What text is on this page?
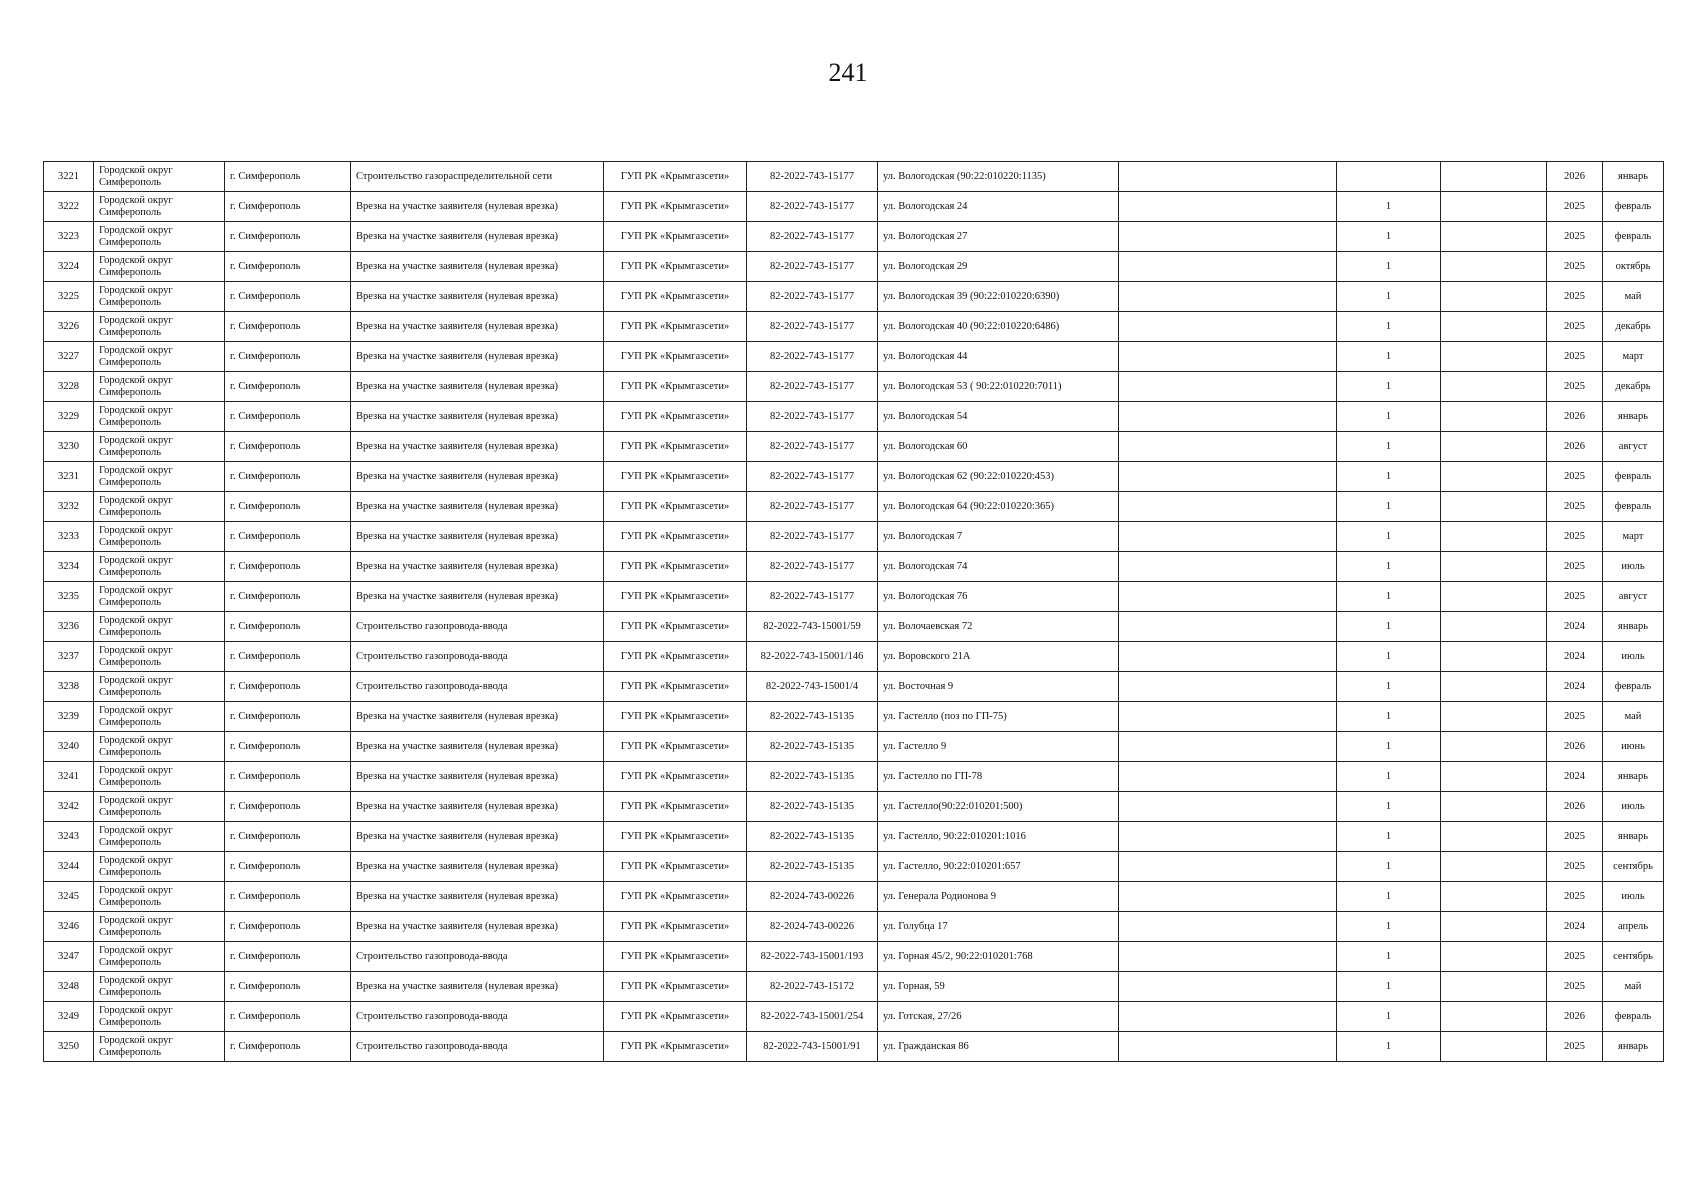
241
3221	Городской округ Симферополь	г. Симферополь	Строительство газораспределительной сети	ГУП РК «Крымгазсети»	82-2022-743-15177	ул. Вологодская (90:22:010220:1135)				2026	январь
3222	Городской округ Симферополь	г. Симферополь	Врезка на участке заявителя (нулевая врезка)	ГУП РК «Крымгазсети»	82-2022-743-15177	ул. Вологодская 24		1		2025	февраль
3223	Городской округ Симферополь	г. Симферополь	Врезка на участке заявителя (нулевая врезка)	ГУП РК «Крымгазсети»	82-2022-743-15177	ул. Вологодская 27		1		2025	февраль
3224	Городской округ Симферополь	г. Симферополь	Врезка на участке заявителя (нулевая врезка)	ГУП РК «Крымгазсети»	82-2022-743-15177	ул. Вологодская 29		1		2025	октябрь
3225	Городской округ Симферополь	г. Симферополь	Врезка на участке заявителя (нулевая врезка)	ГУП РК «Крымгазсети»	82-2022-743-15177	ул. Вологодская 39 (90:22:010220:6390)		1		2025	май
3226	Городской округ Симферополь	г. Симферополь	Врезка на участке заявителя (нулевая врезка)	ГУП РК «Крымгазсети»	82-2022-743-15177	ул. Вологодская 40 (90:22:010220:6486)		1		2025	декабрь
3227	Городской округ Симферополь	г. Симферополь	Врезка на участке заявителя (нулевая врезка)	ГУП РК «Крымгазсети»	82-2022-743-15177	ул. Вологодская 44		1		2025	март
3228	Городской округ Симферополь	г. Симферополь	Врезка на участке заявителя (нулевая врезка)	ГУП РК «Крымгазсети»	82-2022-743-15177	ул. Вологодская 53 ( 90:22:010220:7011)		1		2025	декабрь
3229	Городской округ Симферополь	г. Симферополь	Врезка на участке заявителя (нулевая врезка)	ГУП РК «Крымгазсети»	82-2022-743-15177	ул. Вологодская 54		1		2026	январь
3230	Городской округ Симферополь	г. Симферополь	Врезка на участке заявителя (нулевая врезка)	ГУП РК «Крымгазсети»	82-2022-743-15177	ул. Вологодская 60		1		2026	август
3231	Городской округ Симферополь	г. Симферополь	Врезка на участке заявителя (нулевая врезка)	ГУП РК «Крымгазсети»	82-2022-743-15177	ул. Вологодская 62 (90:22:010220:453)		1		2025	февраль
3232	Городской округ Симферополь	г. Симферополь	Врезка на участке заявителя (нулевая врезка)	ГУП РК «Крымгазсети»	82-2022-743-15177	ул. Вологодская 64 (90:22:010220:365)		1		2025	февраль
3233	Городской округ Симферополь	г. Симферополь	Врезка на участке заявителя (нулевая врезка)	ГУП РК «Крымгазсети»	82-2022-743-15177	ул. Вологодская 7		1		2025	март
3234	Городской округ Симферополь	г. Симферополь	Врезка на участке заявителя (нулевая врезка)	ГУП РК «Крымгазсети»	82-2022-743-15177	ул. Вологодская 74		1		2025	июль
3235	Городской округ Симферополь	г. Симферополь	Врезка на участке заявителя (нулевая врезка)	ГУП РК «Крымгазсети»	82-2022-743-15177	ул. Вологодская 76		1		2025	август
3236	Городской округ Симферополь	г. Симферополь	Строительство газопровода-ввода	ГУП РК «Крымгазсети»	82-2022-743-15001/59	ул. Волочаевская 72		1		2024	январь
3237	Городской округ Симферополь	г. Симферополь	Строительство газопровода-ввода	ГУП РК «Крымгазсети»	82-2022-743-15001/146	ул. Воровского 21А		1		2024	июль
3238	Городской округ Симферополь	г. Симферополь	Строительство газопровода-ввода	ГУП РК «Крымгазсети»	82-2022-743-15001/4	ул. Восточная 9		1		2024	февраль
3239	Городской округ Симферополь	г. Симферополь	Врезка на участке заявителя (нулевая врезка)	ГУП РК «Крымгазсети»	82-2022-743-15135	ул. Гастелло (поз по ГП-75)		1		2025	май
3240	Городской округ Симферополь	г. Симферополь	Врезка на участке заявителя (нулевая врезка)	ГУП РК «Крымгазсети»	82-2022-743-15135	ул. Гастелло 9		1		2026	июнь
3241	Городской округ Симферополь	г. Симферополь	Врезка на участке заявителя (нулевая врезка)	ГУП РК «Крымгазсети»	82-2022-743-15135	ул. Гастелло по ГП-78		1		2024	январь
3242	Городской округ Симферополь	г. Симферополь	Врезка на участке заявителя (нулевая врезка)	ГУП РК «Крымгазсети»	82-2022-743-15135	ул. Гастелло(90:22:010201:500)		1		2026	июль
3243	Городской округ Симферополь	г. Симферополь	Врезка на участке заявителя (нулевая врезка)	ГУП РК «Крымгазсети»	82-2022-743-15135	ул. Гастелло, 90:22:010201:1016		1		2025	январь
3244	Городской округ Симферополь	г. Симферополь	Врезка на участке заявителя (нулевая врезка)	ГУП РК «Крымгазсети»	82-2022-743-15135	ул. Гастелло, 90:22:010201:657		1		2025	сентябрь
3245	Городской округ Симферополь	г. Симферополь	Врезка на участке заявителя (нулевая врезка)	ГУП РК «Крымгазсети»	82-2024-743-00226	ул. Генерала Родионова 9		1		2025	июль
3246	Городской округ Симферополь	г. Симферополь	Врезка на участке заявителя (нулевая врезка)	ГУП РК «Крымгазсети»	82-2024-743-00226	ул. Голубца 17		1		2024	апрель
3247	Городской округ Симферополь	г. Симферополь	Строительство газопровода-ввода	ГУП РК «Крымгазсети»	82-2022-743-15001/193	ул. Горная 45/2, 90:22:010201:768		1		2025	сентябрь
3248	Городской округ Симферополь	г. Симферополь	Врезка на участке заявителя (нулевая врезка)	ГУП РК «Крымгазсети»	82-2022-743-15172	ул. Горная, 59		1		2025	май
3249	Городской округ Симферополь	г. Симферополь	Строительство газопровода-ввода	ГУП РК «Крымгазсети»	82-2022-743-15001/254	ул. Готская, 27/26		1		2026	февраль
3250	Городской округ Симферополь	г. Симферополь	Строительство газопровода-ввода	ГУП РК «Крымгазсети»	82-2022-743-15001/91	ул. Гражданская 86		1		2025	январь
